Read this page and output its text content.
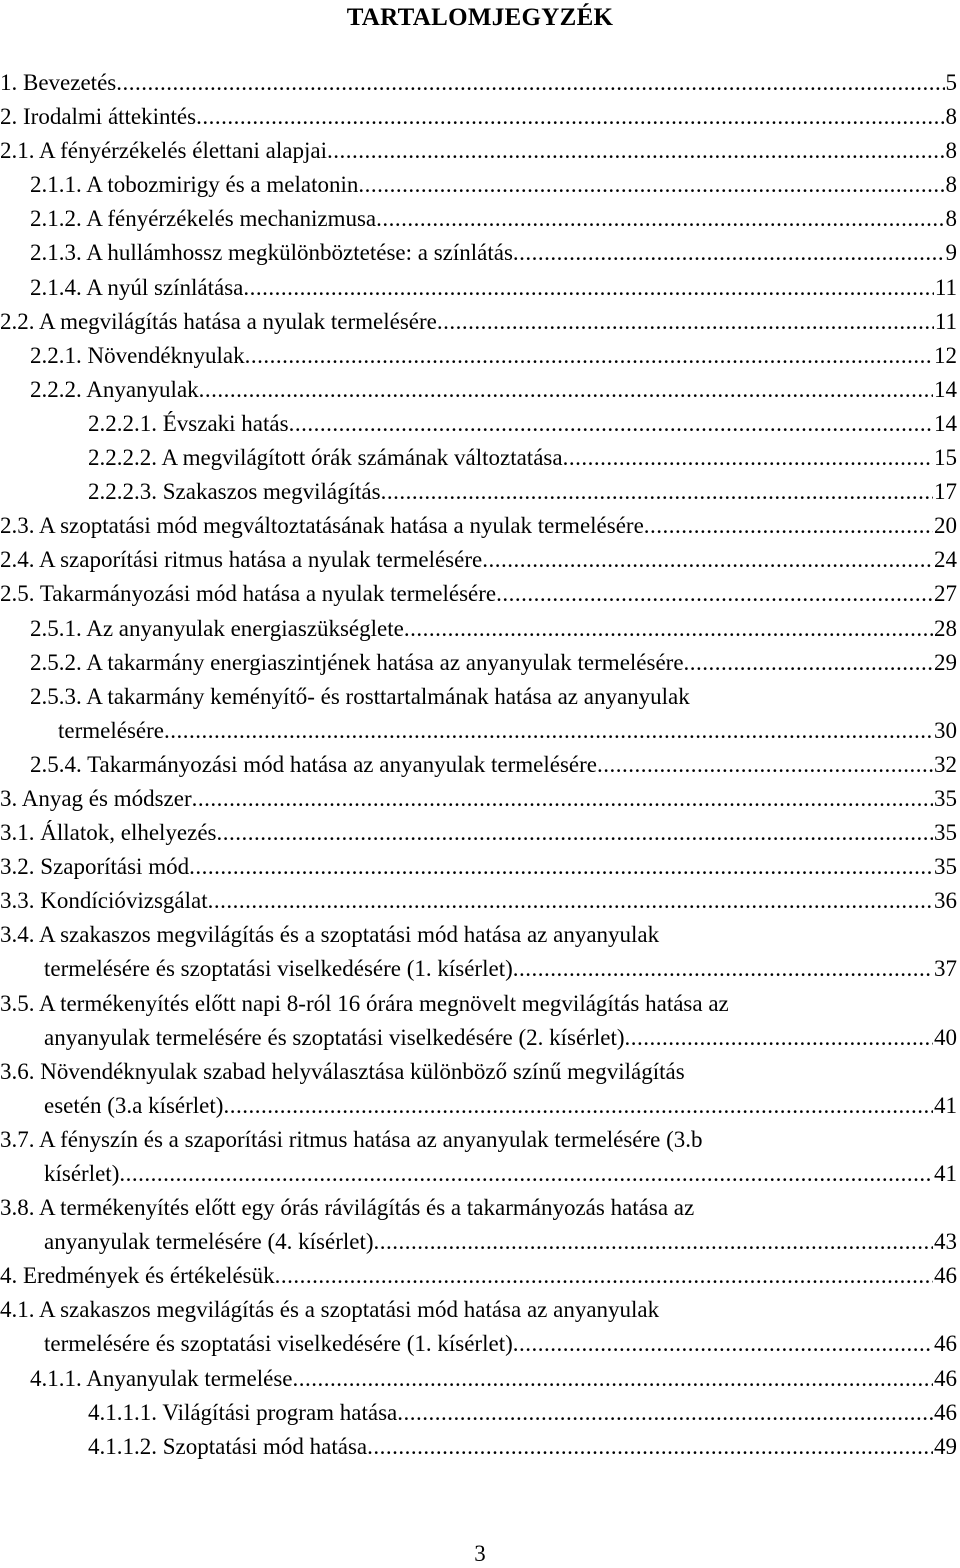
TARTALOMJEGYZÉK
1. Bevezetés .....	5
2. Irodalmi áttekintés .....	8
2.1. A fényérzékelés élettani alapjai .....	8
2.1.1. A tobozmirigy és a melatonin .....	8
2.1.2. A fényérzékelés mechanizmusa .....	8
2.1.3. A hullámhossz megkülönböztetése: a színlátás .....	9
2.1.4. A nyúl színlátása .....	11
2.2. A megvilágítás hatása a nyulak termelésére .....	11
2.2.1. Növendéknyulak .....	12
2.2.2. Anyanyulak .....	14
2.2.2.1. Évszaki hatás .....	14
2.2.2.2. A megvilágított órák számának változtatása .....	15
2.2.2.3. Szakaszos megvilágítás .....	17
2.3. A szoptatási mód megváltoztatásának hatása a nyulak termelésére .....	20
2.4. A szaporítási ritmus hatása a nyulak termelésére .....	24
2.5. Takarmányozási mód hatása a nyulak termelésére .....	27
2.5.1. Az anyanyulak energiaszükséglete .....	28
2.5.2. A takarmány energiaszintjének hatása az anyanyulak termelésére .....	29
2.5.3. A takarmány keményítő- és rosttartalmának hatása az anyanyulak
termelésére .....	30
2.5.4. Takarmányozási mód hatása az anyanyulak termelésére .....	32
3. Anyag és módszer .....	35
3.1. Állatok, elhelyezés .....	35
3.2. Szaporítási mód .....	35
3.3. Kondícióvizsgálat .....	36
3.4. A szakaszos megvilágítás és a szoptatási mód hatása az anyanyulak
termelésére és szoptatási viselkedésére (1. kísérlet) .....	37
3.5. A termékenyítés előtt napi 8-ról 16 órára megnövelt megvilágítás hatása az
anyanyulak termelésére és szoptatási viselkedésére (2. kísérlet) .....	40
3.6. Növendéknyulak szabad helyválasztása különböző színű megvilágítás
esetén (3.a kísérlet) .....	41
3.7. A fényszín és a szaporítási ritmus hatása az anyanyulak termelésére (3.b
kísérlet) .....	41
3.8. A termékenyítés előtt egy órás rávilágítás és a takarmányozás hatása az
anyanyulak termelésére (4. kísérlet) .....	43
4. Eredmények és értékelésük .....	46
4.1. A szakaszos megvilágítás és a szoptatási mód hatása az anyanyulak
termelésére és szoptatási viselkedésére (1. kísérlet) .....	46
4.1.1. Anyanyulak termelése .....	46
4.1.1.1. Világítási program hatása .....	46
4.1.1.2. Szoptatási mód hatása .....	49
3
